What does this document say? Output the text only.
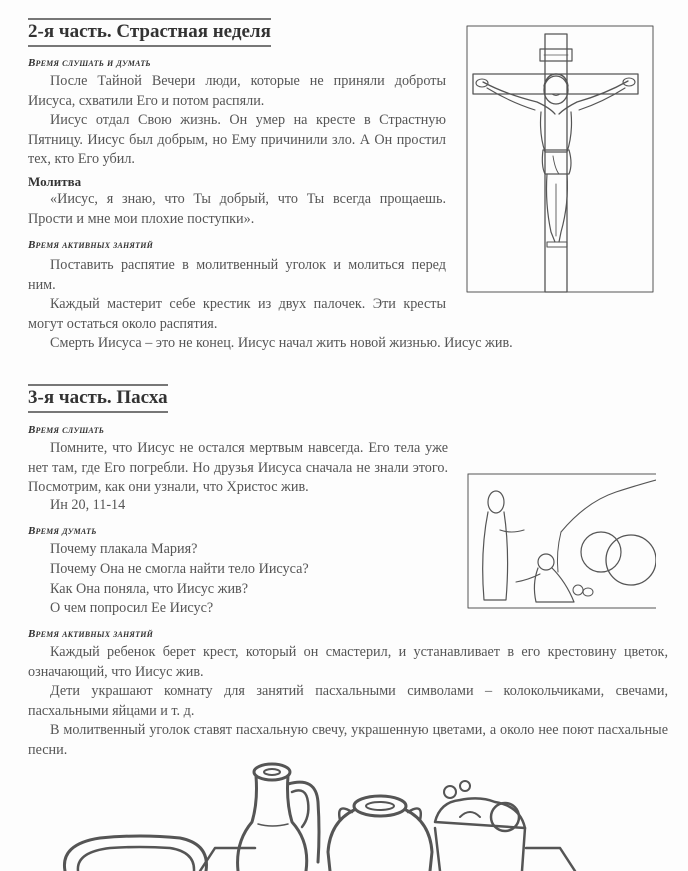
2-я часть. Страстная неделя
Время слушать и думать
После Тайной Вечери люди, которые не приняли доброты Иисуса, схватили Его и потом распяли.
Иисус отдал Свою жизнь. Он умер на кресте в Страстную Пятницу. Иисус был добрым, но Ему причинили зло. А Он простил тех, кто Его убил.
Молитва
«Иисус, я знаю, что Ты добрый, что Ты всегда прощаешь. Прости и мне мои плохие поступки».
Время активных занятий
Поставить распятие в молитвенный уголок и молиться перед ним.
Каждый мастерит себе крестик из двух палочек. Эти кресты могут остаться около распятия.
Смерть Иисуса – это не конец. Иисус начал жить новой жизнью. Иисус жив.
3-я часть. Пасха
Время слушать
Помните, что Иисус не остался мертвым навсегда. Его тела уже нет там, где Его погребли. Но друзья Иисуса сначала не знали этого. Посмотрим, как они узнали, что Христос жив.
Ин 20, 11-14
Время думать
Почему плакала Мария?
Почему Она не смогла найти тело Иисуса?
Как Она поняла, что Иисус жив?
О чем попросил Ее Иисус?
Время активных занятий
Каждый ребенок берет крест, который он смастерил, и устанавливает в его крестовину цветок, означающий, что Иисус жив.
Дети украшают комнату для занятий пасхальными символами – колокольчиками, свечами, пасхальными яйцами и т. д.
В молитвенный уголок ставят пасхальную свечу, украшенную цветами, а около нее поют пасхальные песни.
